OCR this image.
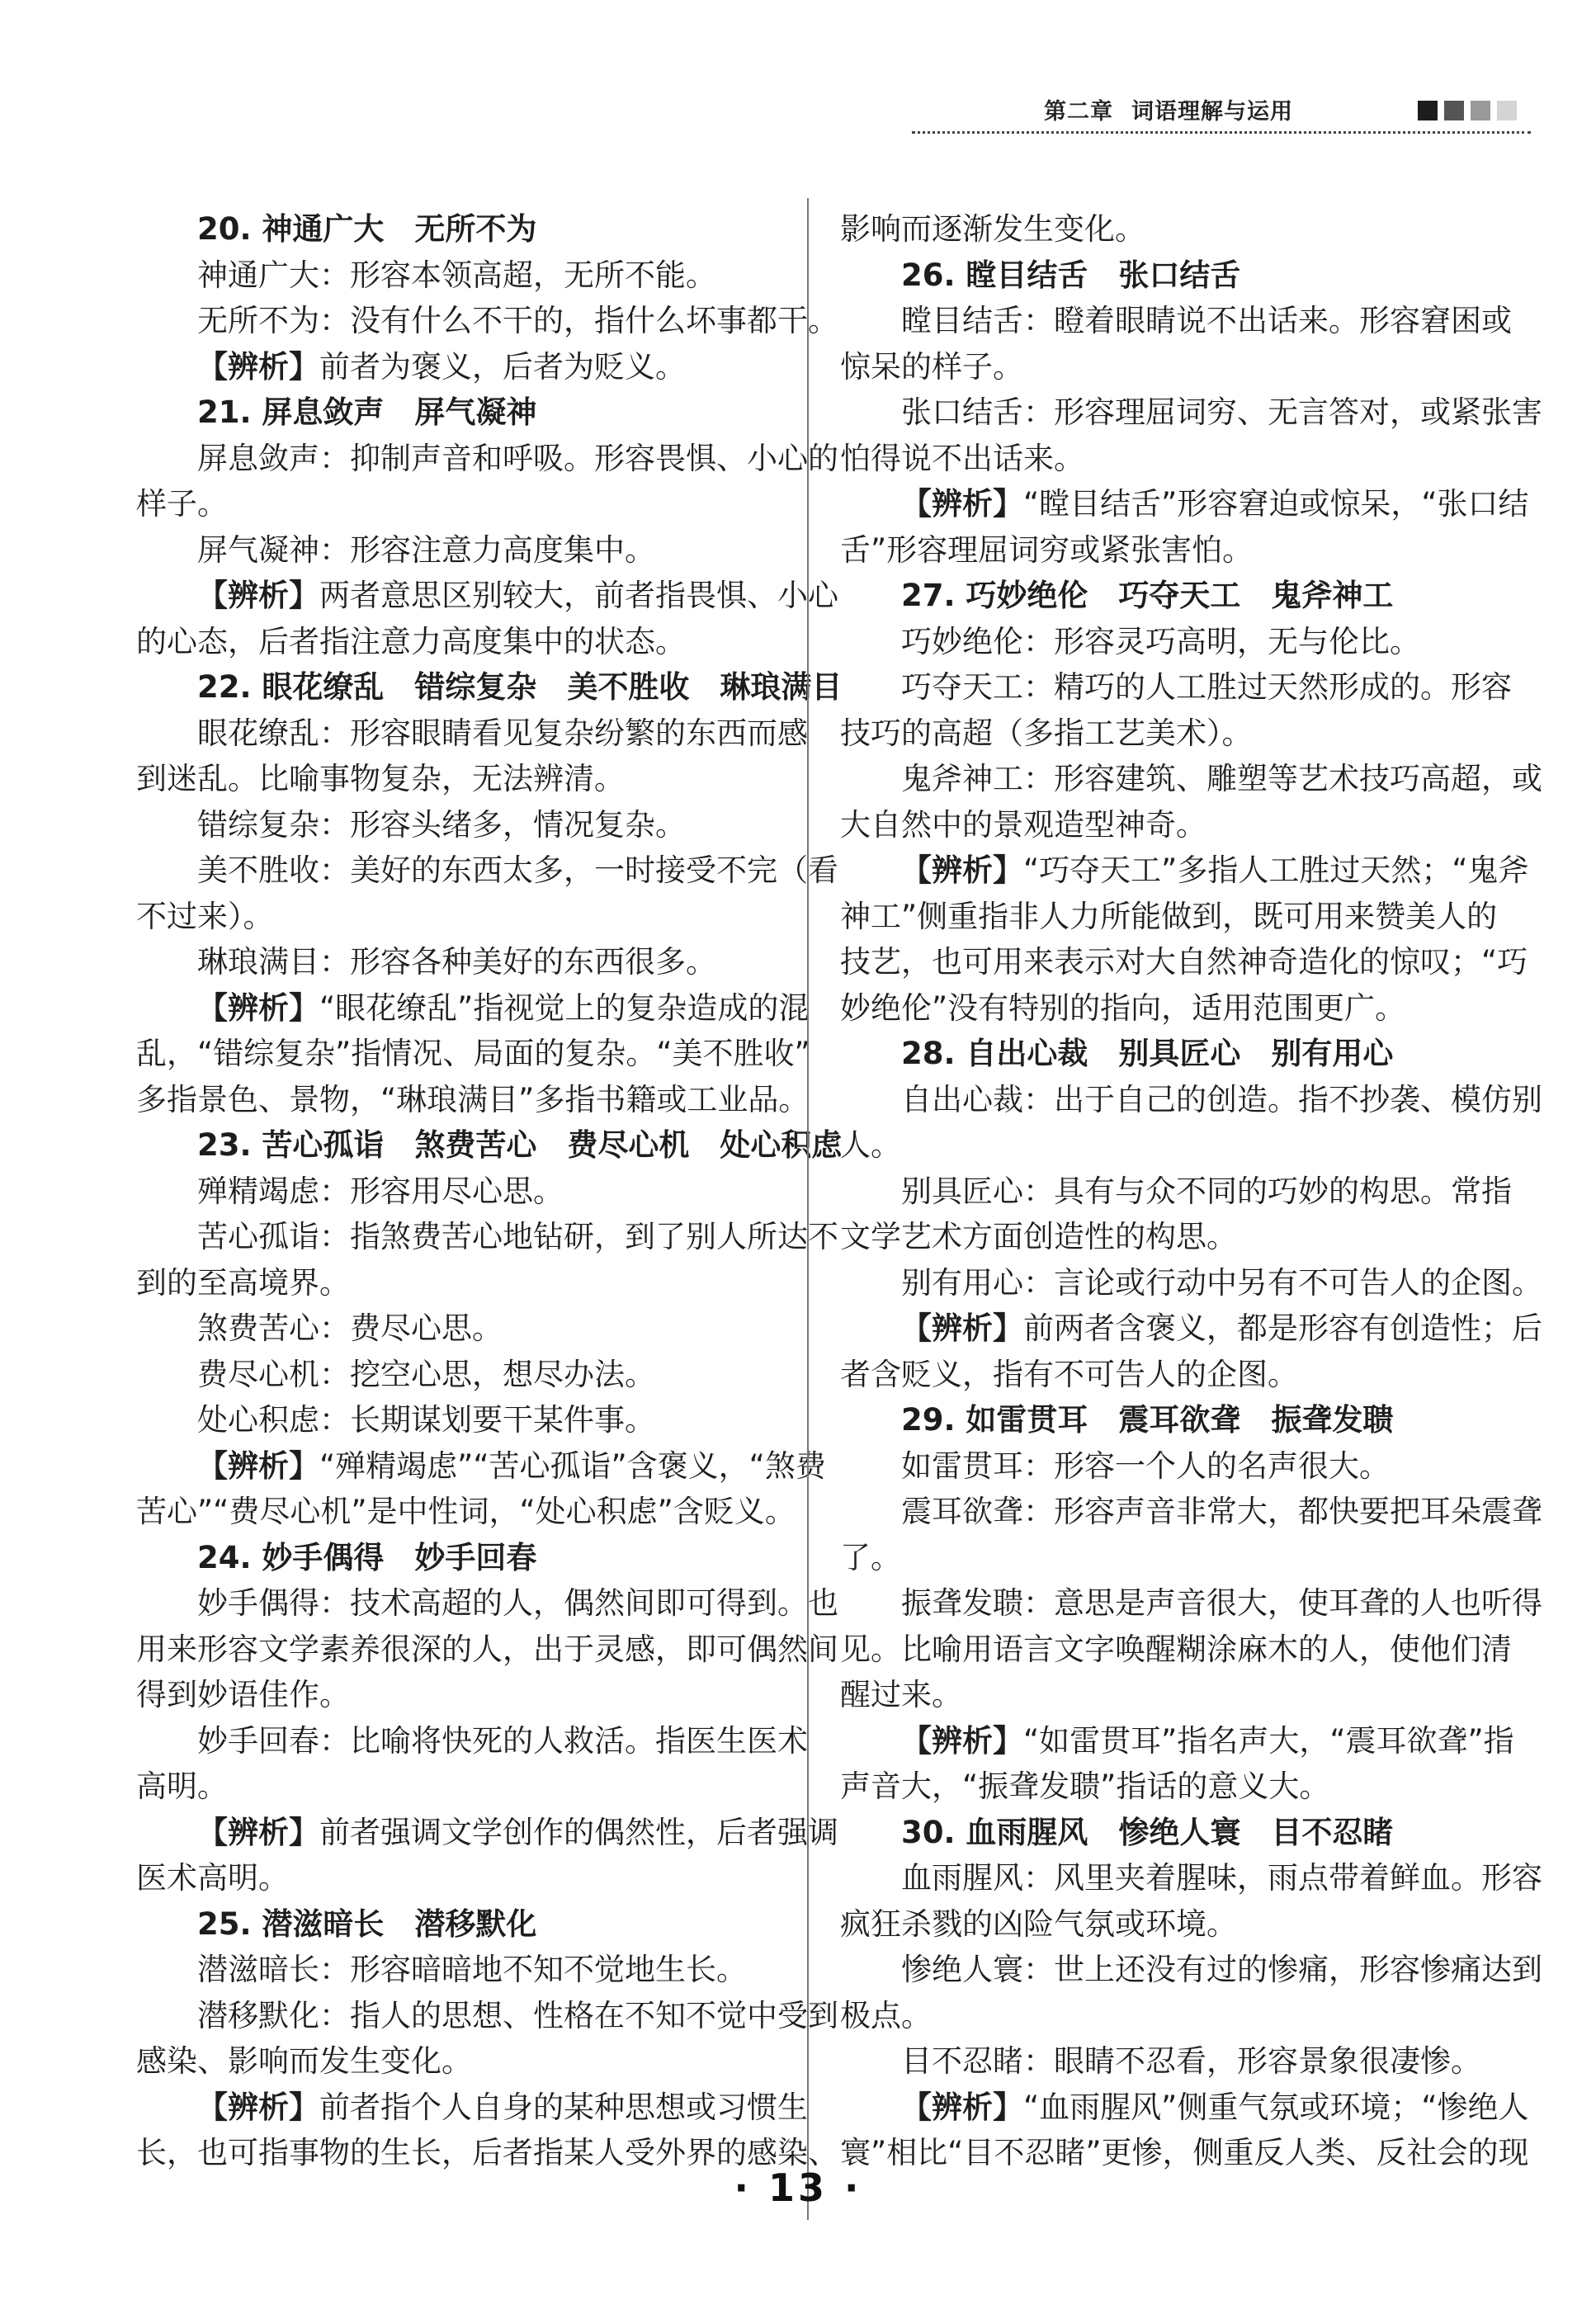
第二章 词语理解与运用
20. 神通广大　无所不为
神通广大：形容本领高超，无所不能。
无所不为：没有什么不干的，指什么坏事都干。
【辨析】前者为褒义，后者为贬义。
21. 屏息敛声　屏气凝神
屏息敛声：抑制声音和呼吸。形容畏惧、小心的
样子。
屏气凝神：形容注意力高度集中。
【辨析】两者意思区别较大，前者指畏惧、小心
的心态，后者指注意力高度集中的状态。
22. 眼花缭乱　错综复杂　美不胜收　琳琅满目
眼花缭乱：形容眼睛看见复杂纷繁的东西而感
到迷乱。比喻事物复杂，无法辨清。
错综复杂：形容头绪多，情况复杂。
美不胜收：美好的东西太多，一时接受不完（看
不过来）。
琳琅满目：形容各种美好的东西很多。
【辨析】“眼花缭乱”指视觉上的复杂造成的混
乱，“错综复杂”指情况、局面的复杂。“美不胜收”
多指景色、景物，“琳琅满目”多指书籍或工业品。
23. 苦心孤诣　煞费苦心　费尽心机　处心积虑
殚精竭虑：形容用尽心思。
苦心孤诣：指煞费苦心地钻研，到了别人所达不
到的至高境界。
煞费苦心：费尽心思。
费尽心机：挖空心思，想尽办法。
处心积虑：长期谋划要干某件事。
【辨析】“殚精竭虑”“苦心孤诣”含褒义，“煞费
苦心”“费尽心机”是中性词，“处心积虑”含贬义。
24. 妙手偶得　妙手回春
妙手偶得：技术高超的人，偶然间即可得到。也
用来形容文学素养很深的人，出于灵感，即可偶然间
得到妙语佳作。
妙手回春：比喻将快死的人救活。指医生医术
高明。
【辨析】前者强调文学创作的偶然性，后者强调
医术高明。
25. 潜滋暗长　潜移默化
潜滋暗长：形容暗暗地不知不觉地生长。
潜移默化：指人的思想、性格在不知不觉中受到
感染、影响而发生变化。
【辨析】前者指个人自身的某种思想或习惯生
长，也可指事物的生长，后者指某人受外界的感染、
影响而逐渐发生变化。
26. 瞠目结舌　张口结舌
瞠目结舌：瞪着眼睛说不出话来。形容窘困或
惊呆的样子。
张口结舌：形容理屈词穷、无言答对，或紧张害
怕得说不出话来。
【辨析】“瞠目结舌”形容窘迫或惊呆，“张口结
舌”形容理屈词穷或紧张害怕。
27. 巧妙绝伦　巧夺天工　鬼斧神工
巧妙绝伦：形容灵巧高明，无与伦比。
巧夺天工：精巧的人工胜过天然形成的。形容
技巧的高超（多指工艺美术）。
鬼斧神工：形容建筑、雕塑等艺术技巧高超，或
大自然中的景观造型神奇。
【辨析】“巧夺天工”多指人工胜过天然；“鬼斧
神工”侧重指非人力所能做到，既可用来赞美人的
技艺，也可用来表示对大自然神奇造化的惊叹；“巧
妙绝伦”没有特别的指向，适用范围更广。
28. 自出心裁　别具匠心　别有用心
自出心裁：出于自己的创造。指不抄袭、模仿别
人。
别具匠心：具有与众不同的巧妙的构思。常指
文学艺术方面创造性的构思。
别有用心：言论或行动中另有不可告人的企图。
【辨析】前两者含褒义，都是形容有创造性；后
者含贬义，指有不可告人的企图。
29. 如雷贯耳　震耳欲聋　振聋发聩
如雷贯耳：形容一个人的名声很大。
震耳欲聋：形容声音非常大，都快要把耳朵震聋
了。
振聋发聩：意思是声音很大，使耳聋的人也听得
见。比喻用语言文字唤醒糊涂麻木的人，使他们清
醒过来。
【辨析】“如雷贯耳”指名声大，“震耳欲聋”指
声音大，“振聋发聩”指话的意义大。
30. 血雨腥风　惨绝人寰　目不忍睹
血雨腥风：风里夹着腥味，雨点带着鲜血。形容
疯狂杀戮的凶险气氛或环境。
惨绝人寰：世上还没有过的惨痛，形容惨痛达到
极点。
目不忍睹：眼睛不忍看，形容景象很凄惨。
【辨析】“血雨腥风”侧重气氛或环境；“惨绝人
寰”相比“目不忍睹”更惨，侧重反人类、反社会的现
· 13 ·
